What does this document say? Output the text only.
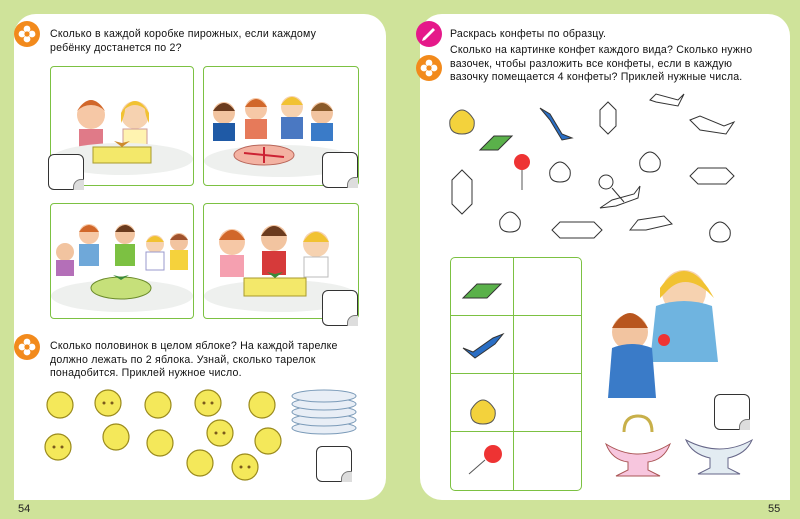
54
Сколько в каждой коробке пирожных, если каждому
ребёнку достанется по 2?
Сколько половинок в целом яблоке? На каждой тарелке
должно лежать по 2 яблока. Узнай, сколько тарелок
понадобится. Приклей нужное число.
55
Раскрась конфеты по образцу.
Сколько на картинке конфет каждого вида? Сколько нужно
вазочек, чтобы разложить все конфеты, если в каждую
вазочку помещается 4 конфеты? Приклей нужные числа.
